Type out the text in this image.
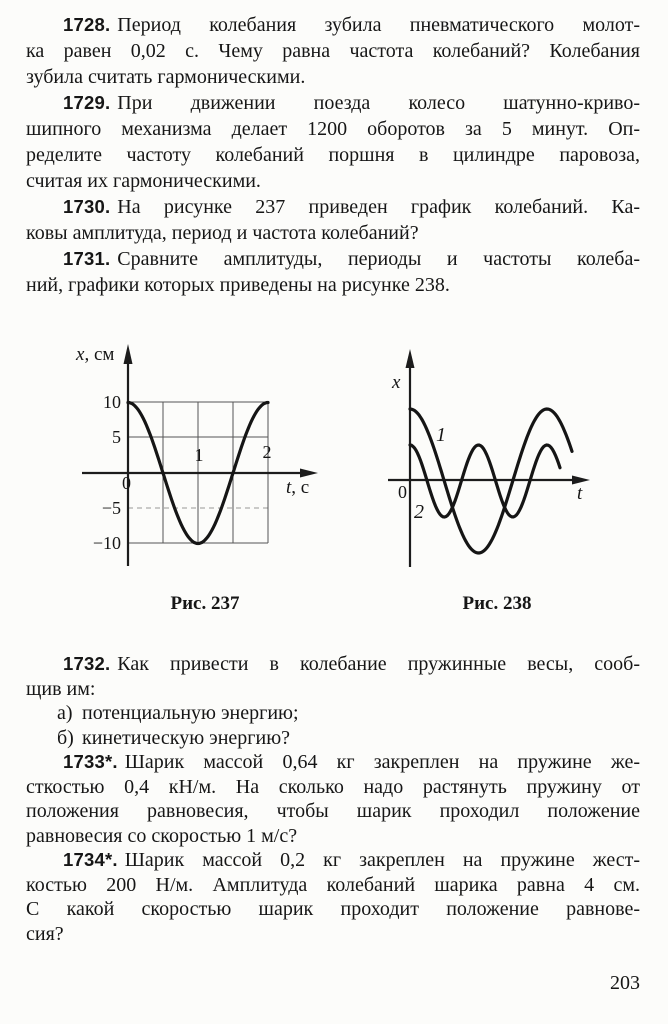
1728. Период колебания зубила пневматического молот-
ка равен 0,02 с. Чему равна частота колебаний? Колебания
зубила считать гармоническими.
1729. При движении поезда колесо шатунно-криво-
шипного механизма делает 1200 оборотов за 5 минут. Оп-
ределите частоту колебаний поршня в цилиндре паровоза,
считая их гармоническими.
1730. На рисунке 237 приведен график колебаний. Ка-
ковы амплитуда, период и частота колебаний?
1731. Сравните амплитуды, периоды и частоты колеба-
ний, графики которых приведены на рисунке 238.
x, см
10
5
0
−5
−10
1	2
t, с
Рис. 237
x
0	t
1
2
Рис. 238
1732. Как привести в колебание пружинные весы, сооб-
щив им:
а) потенциальную энергию;
б) кинетическую энергию?
1733*. Шарик массой 0,64 кг закреплен на пружине же-
сткостью 0,4 кН/м. На сколько надо растянуть пружину от
положения равновесия, чтобы шарик проходил положение
равновесия со скоростью 1 м/с?
1734*. Шарик массой 0,2 кг закреплен на пружине жест-
костью 200 Н/м. Амплитуда колебаний шарика равна 4 см.
С какой скоростью шарик проходит положение равнове-
сия?
203
